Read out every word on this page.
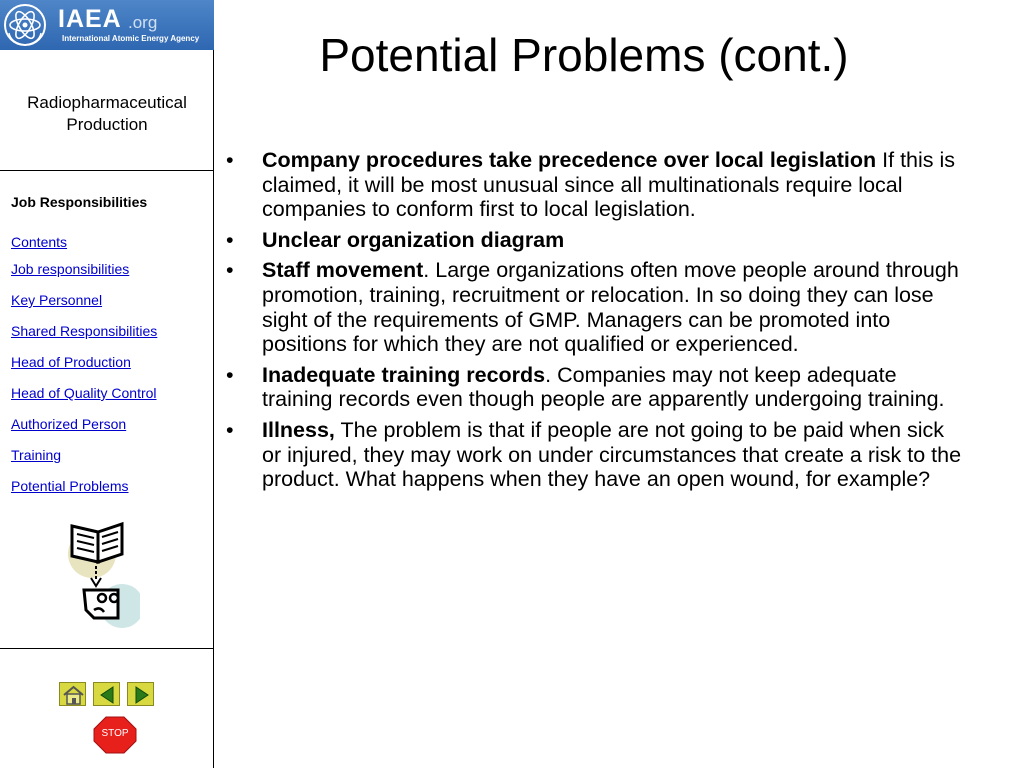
IAEA .org
International Atomic Energy Agency
Radiopharmaceutical Production
Job Responsibilities
Contents
Job responsibilities
Key Personnel
Shared Responsibilities
Head of Production
Head of Quality Control
Authorized Person
Training
Potential Problems
STOP
Potential Problems (cont.)
• Company procedures take precedence over local legislation If this is claimed, it will be most unusual since all multinationals require local companies to conform first to local legislation.
• Unclear organization diagram
• Staff movement. Large organizations often move people around through promotion, training, recruitment or relocation. In so doing they can lose sight of the requirements of GMP. Managers can be promoted into positions for which they are not qualified or experienced.
• Inadequate training records. Companies may not keep adequate training records even though people are apparently undergoing training.
• Illness, The problem is that if people are not going to be paid when sick or injured, they may work on under circumstances that create a risk to the product. What happens when they have an open wound, for example?
